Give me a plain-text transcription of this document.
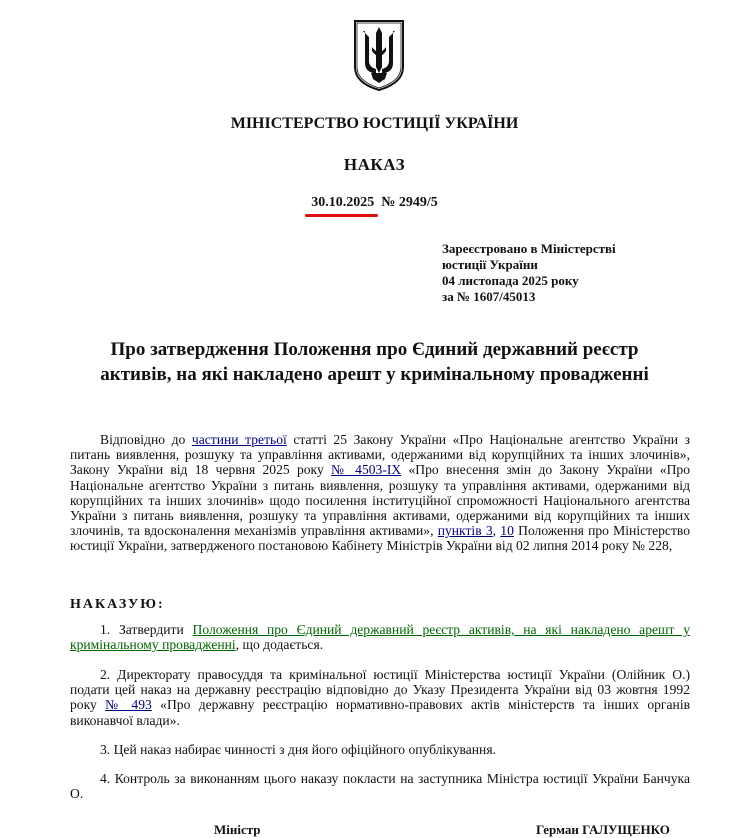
МІНІСТЕРСТВО ЮСТИЦІЇ УКРАЇНИ
НАКАЗ
30.10.2025 № 2949/5
Зареєстровано в Міністерстві
юстиції України
04 листопада 2025 року
за № 1607/45013
Про затвердження Положення про Єдиний державний реєстр активів, на які накладено арешт у кримінальному провадженні
Відповідно до частини третьої статті 25 Закону України «Про Національне агентство України з питань виявлення, розшуку та управління активами, одержаними від корупційних та інших злочинів», Закону України від 18 червня 2025 року № 4503-IX «Про внесення змін до Закону України «Про Національне агентство України з питань виявлення, розшуку та управління активами, одержаними від корупційних та інших злочинів» щодо посилення інституційної спроможності Національного агентства України з питань виявлення, розшуку та управління активами, одержаними від корупційних та інших злочинів, та вдосконалення механізмів управління активами», пунктів 3, 10 Положення про Міністерство юстиції України, затвердженого постановою Кабінету Міністрів України від 02 липня 2014 року № 228,
НАКАЗУЮ:
1. Затвердити Положення про Єдиний державний реєстр активів, на які накладено арешт у кримінальному провадженні, що додається.
2. Директорату правосуддя та кримінальної юстиції Міністерства юстиції України (Олійник О.) подати цей наказ на державну реєстрацію відповідно до Указу Президента України від 03 жовтня 1992 року № 493 «Про державну реєстрацію нормативно-правових актів міністерств та інших органів виконавчої влади».
3. Цей наказ набирає чинності з дня його офіційного опублікування.
4. Контроль за виконанням цього наказу покласти на заступника Міністра юстиції України Банчука О.
Міністр	Герман ГАЛУЩЕНКО
